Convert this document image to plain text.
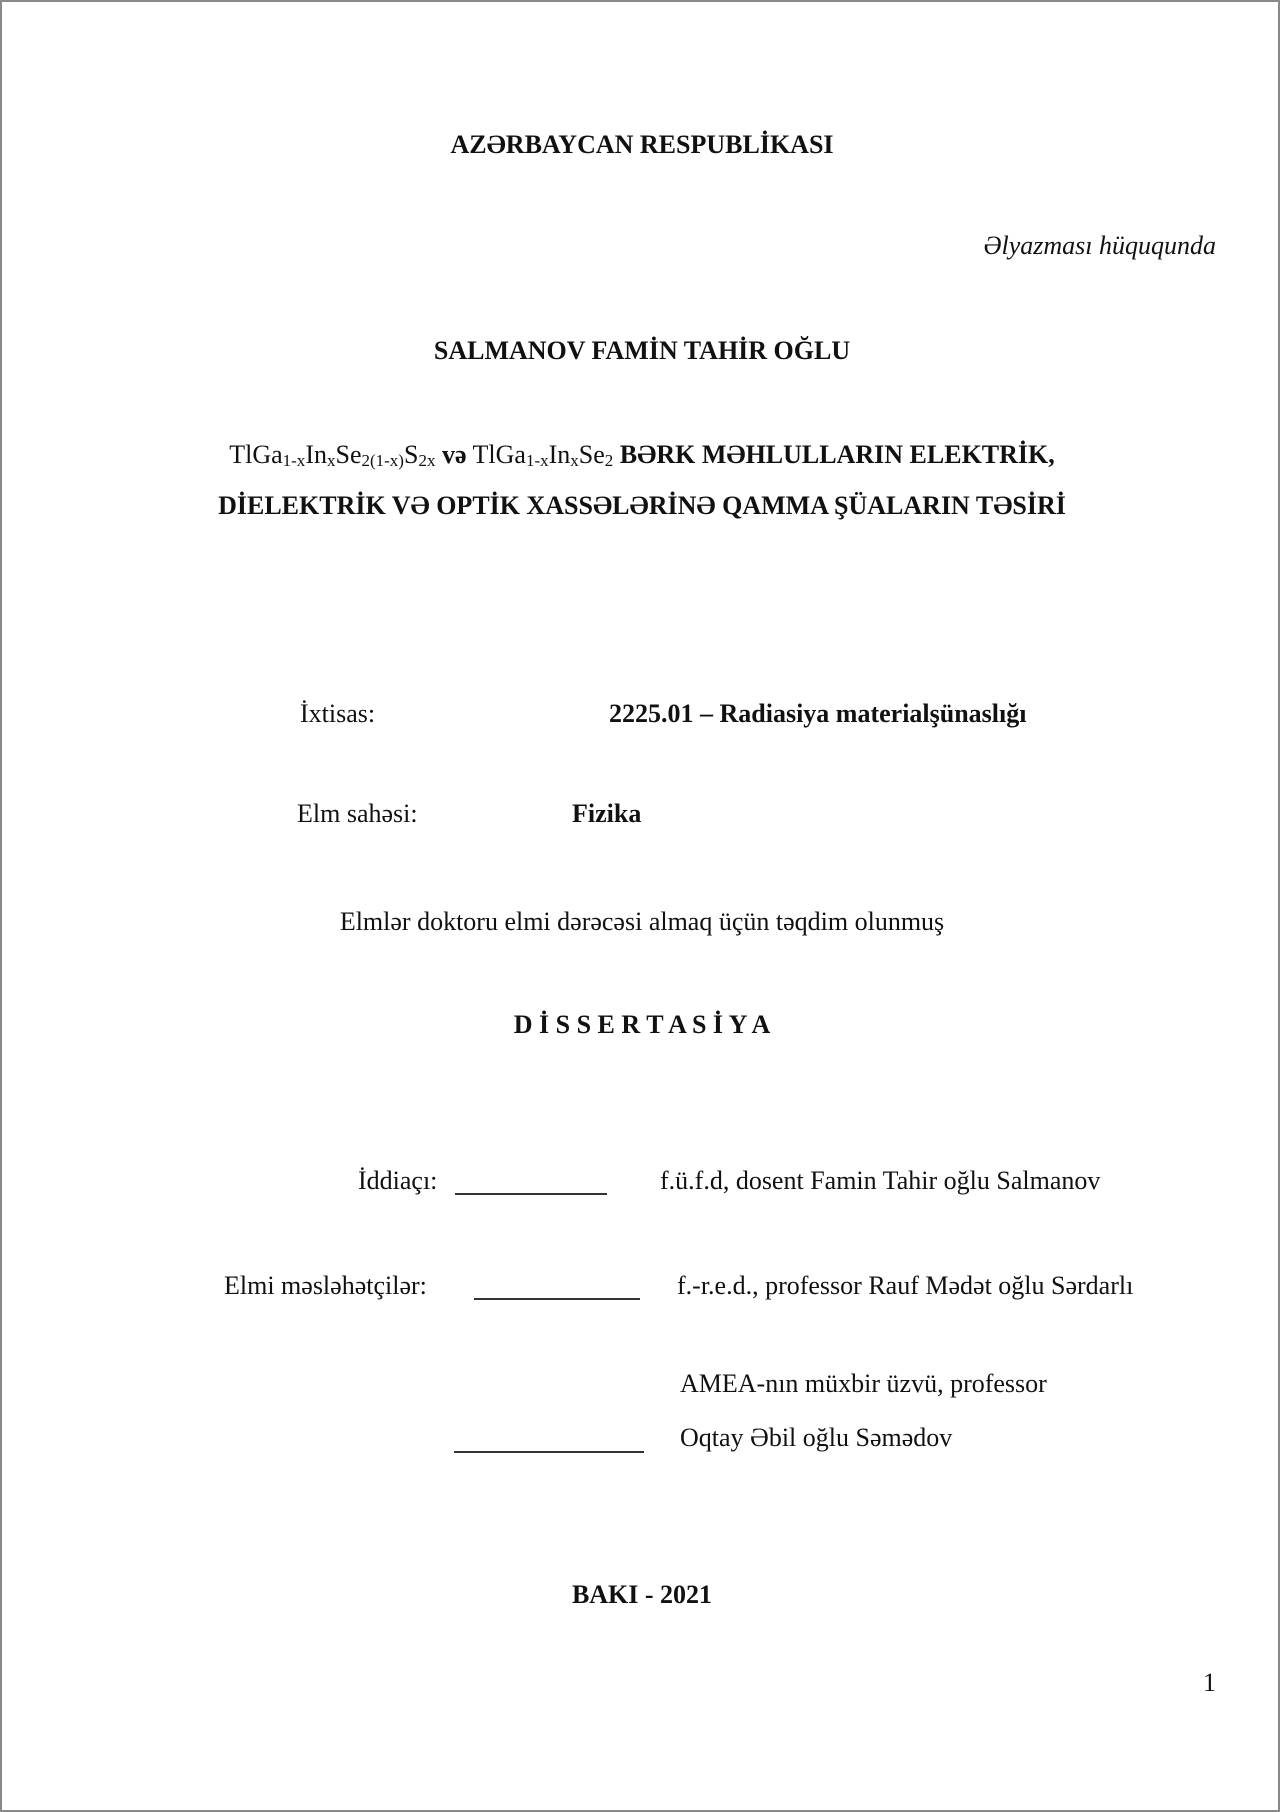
AZƏRBAYCAN RESPUBLİKASI
Əlyazması hüququnda
SALMANOV FAMİN TAHİR OĞLU
$TlGa_{1-x}In_xSe_{2(1-x)}S_{2x}$ və $TlGa_{1-x}In_xSe_2$ BƏRK MƏHLULLARIN ELEKTRİK,
DİELEKTRİK VƏ OPTİK XASSƏLƏRİNƏ QAMMA ŞÜALARIN TƏSİRİ
İxtisas:	2225.01 – Radiasiya materialşünaslığı
Elm sahəsi:	Fizika
Elmlər doktoru elmi dərəcəsi almaq üçün təqdim olunmuş
D İ S S E R T A S İ Y A
İddiaçı:	f.ü.f.d, dosent Famin Tahir oğlu Salmanov
Elmi məsləhətçilər:	f.-r.e.d., professor Rauf Mədət oğlu Sərdarlı
AMEA-nın müxbir üzvü, professor
Oqtay Əbil oğlu Səmədov
BAKI - 2021
1
